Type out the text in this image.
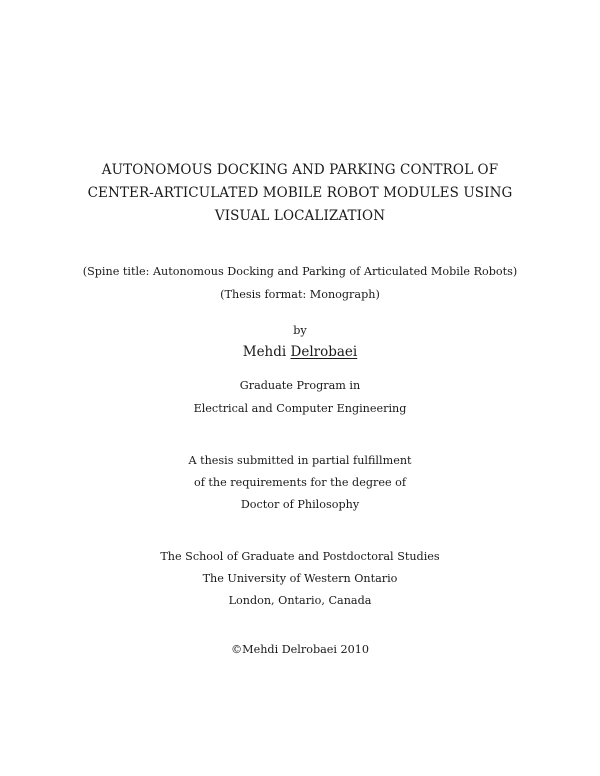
AUTONOMOUS DOCKING AND PARKING CONTROL OF
CENTER-ARTICULATED MOBILE ROBOT MODULES USING
VISUAL LOCALIZATION
(Spine title: Autonomous Docking and Parking of Articulated Mobile Robots)
(Thesis format: Monograph)
by
Mehdi Delrobaei
Graduate Program in
Electrical and Computer Engineering
A thesis submitted in partial fulfillment
of the requirements for the degree of
Doctor of Philosophy
The School of Graduate and Postdoctoral Studies
The University of Western Ontario
London, Ontario, Canada
©Mehdi Delrobaei 2010
